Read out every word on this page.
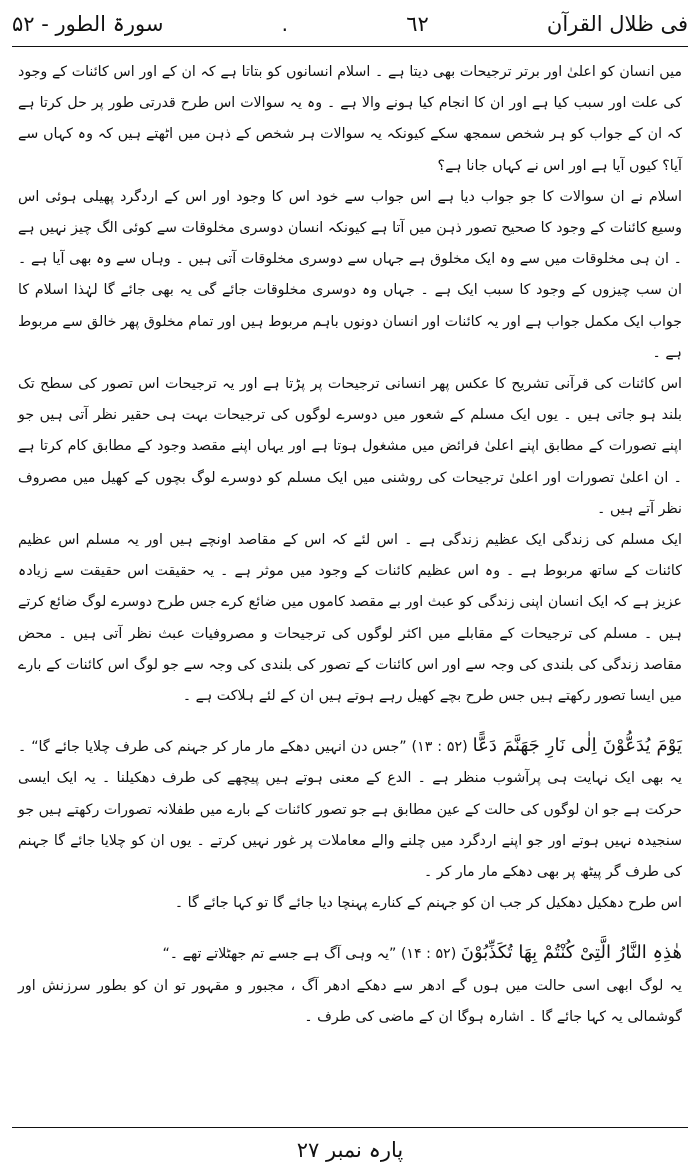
فی ظلال القرآن
٦٢
.
سورۃ الطور - ۵۲

میں انسان کو اعلیٰ اور برتر ترجیحات بھی دیتا ہے ۔ اسلام انسانوں کو بتاتا ہے کہ ان کے اور اس کائنات کے وجود کی علت اور سبب کیا ہے اور ان کا انجام کیا ہونے والا ہے ۔ وہ یہ سوالات اس طرح قدرتی طور پر حل کرتا ہے کہ ان کے جواب کو ہر شخص سمجھ سکے کیونکہ یہ سوالات ہر شخص کے ذہن میں اٹھتے ہیں کہ وہ کہاں سے آیا؟ کیوں آیا ہے اور اس نے کہاں جانا ہے؟

اسلام نے ان سوالات کا جو جواب دیا ہے اس جواب سے خود اس کا وجود اور اس کے اردگرد پھیلی ہوئی اس وسیع کائنات کے وجود کا صحیح تصور ذہن میں آتا ہے کیونکہ انسان دوسری مخلوقات سے کوئی الگ چیز نہیں ہے ۔ ان ہی مخلوقات میں سے وہ ایک مخلوق ہے جہاں سے دوسری مخلوقات آتی ہیں ۔ وہاں سے وہ بھی آیا ہے ۔ ان سب چیزوں کے وجود کا سبب ایک ہے ۔ جہاں وہ دوسری مخلوقات جائے گی یہ بھی جائے گا لہٰذا اسلام کا جواب ایک مکمل جواب ہے اور یہ کائنات اور انسان دونوں باہم مربوط ہیں اور تمام مخلوق پھر خالق سے مربوط ہے ۔

اس کائنات کی قرآنی تشریح کا عکس پھر انسانی ترجیحات پر پڑتا ہے اور یہ ترجیحات اس تصور کی سطح تک بلند ہو جاتی ہیں ۔ یوں ایک مسلم کے شعور میں دوسرے لوگوں کی ترجیحات بہت ہی حقیر نظر آتی ہیں جو اپنے تصورات کے مطابق اپنے اعلیٰ فرائض میں مشغول ہوتا ہے اور یہاں اپنے مقصد وجود کے مطابق کام کرتا ہے ۔ ان اعلیٰ تصورات اور اعلیٰ ترجیحات کی روشنی میں ایک مسلم کو دوسرے لوگ بچوں کے کھیل میں مصروف نظر آتے ہیں ۔

ایک مسلم کی زندگی ایک عظیم زندگی ہے ۔ اس لئے کہ اس کے مقاصد اونچے ہیں اور یہ مسلم اس عظیم کائنات کے ساتھ مربوط ہے ۔ وہ اس عظیم کائنات کے وجود میں موثر ہے ۔ یہ حقیقت اس حقیقت سے زیادہ عزیز ہے کہ ایک انسان اپنی زندگی کو عبث اور بے مقصد کاموں میں ضائع کرے جس طرح دوسرے لوگ ضائع کرتے ہیں ۔ مسلم کی ترجیحات کے مقابلے میں اکثر لوگوں کی ترجیحات و مصروفیات عبث نظر آتی ہیں ۔ محض مقاصد زندگی کی بلندی کی وجہ سے اور اس کائنات کے تصور کی بلندی کی وجہ سے جو لوگ اس کائنات کے بارے میں ایسا تصور رکھتے ہیں جس طرح بچے کھیل رہے ہوتے ہیں ان کے لئے ہلاکت ہے ۔

یَوْمَ یُدَعُّوْنَ اِلٰی نَارِ جَھَنَّمَ دَعًّا (۵۲ : ۱۳) ”جس دن انہیں دھکے مار مار کر جہنم کی طرف چلایا جائے گا“ ۔ یہ بھی ایک نہایت ہی پرآشوب منظر ہے ۔ الدع کے معنی ہوتے ہیں پیچھے کی طرف دھکیلنا ۔ یہ ایک ایسی حرکت ہے جو ان لوگوں کی حالت کے عین مطابق ہے جو تصور کائنات کے بارے میں طفلانہ تصورات رکھتے ہیں جو سنجیدہ نہیں ہوتے اور جو اپنے اردگرد میں چلنے والے معاملات پر غور نہیں کرتے ۔ یوں ان کو چلایا جائے گا جہنم کی طرف گر پیٹھ پر بھی دھکے مار مار کر ۔

اس طرح دھکیل دھکیل کر جب ان کو جہنم کے کنارے پہنچا دیا جائے گا تو کہا جائے گا ۔

ھٰذِہِ النَّارُ الَّتِیْ کُنْتُمْ بِھَا تُکَذِّبُوْنَ (۵۲ : ۱۴) ”یہ وہی آگ ہے جسے تم جھٹلاتے تھے ۔“

یہ لوگ ابھی اسی حالت میں ہوں گے ادھر سے دھکے ادھر آگ ، مجبور و مقہور تو ان کو بطور سرزنش اور گوشمالی یہ کہا جائے گا ۔ اشارہ ہوگا ان کے ماضی کی طرف ۔

پارہ نمبر ۲۷
